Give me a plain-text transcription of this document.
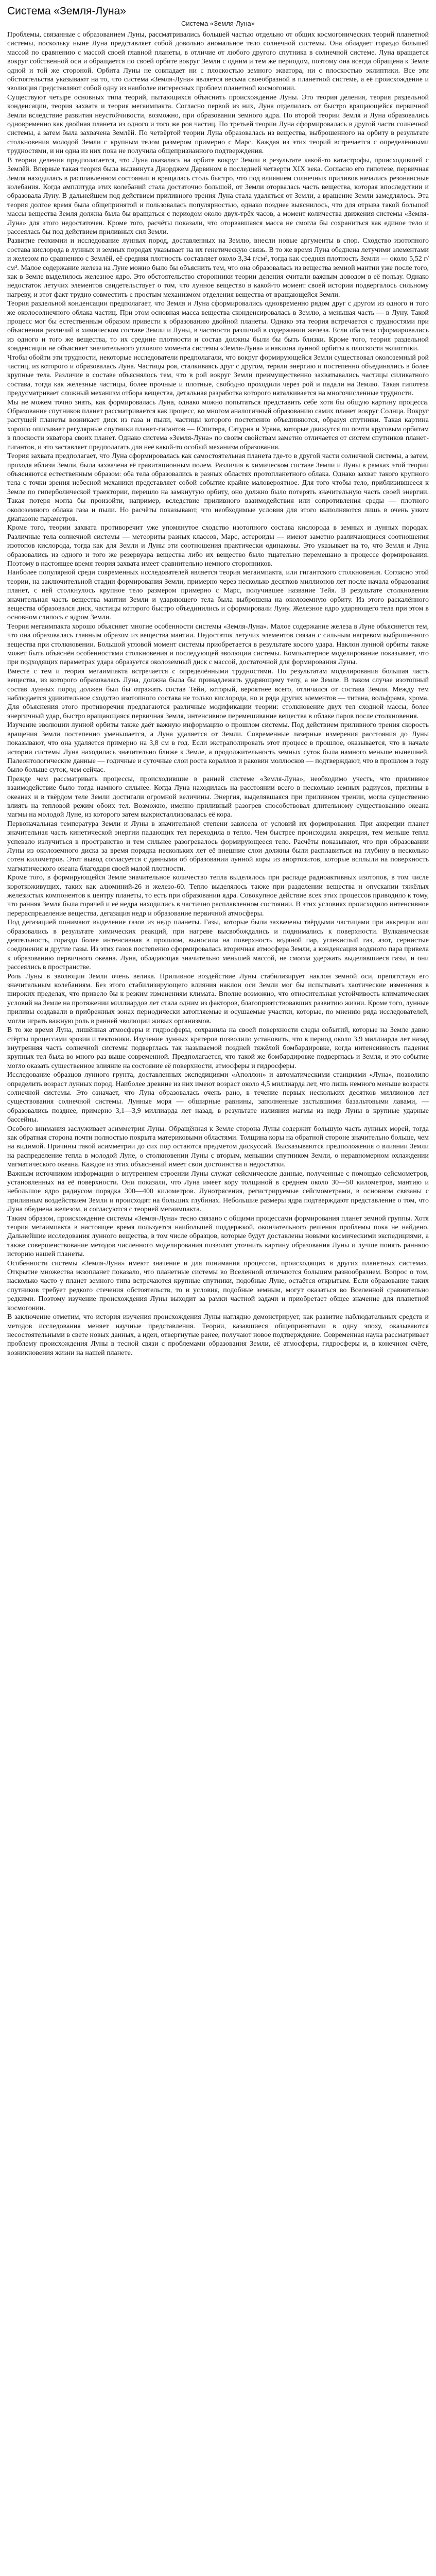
Система «Земля-Луна»
Система «Земля-Луна»

Проблемы, связанные с образованием Луны, рассматривались большей частью отдельно от общих космогонических теорий планетной системы, поскольку ныне Луна представляет собой довольно аномальное тело солнечной системы. Она обладает гораздо большей массой по сравнению с массой своей главной планеты, в отличие от любого другого спутника в солнечной системе. Луна вращается вокруг собственной оси и обращается по своей орбите вокруг Земли с одним и тем же периодом, поэтому она всегда обращена к Земле одной и той же стороной. Орбита Луны не совпадает ни с плоскостью земного экватора, ни с плоскостью эклиптики. Все эти обстоятельства указывают на то, что система «Земля-Луна» является весьма своеобразной в планетной системе, а её происхождение и эволюция представляют собой одну из наиболее интересных проблем планетной космогонии.

Существуют четыре основных типа теорий, пытающихся объяснить происхождение Луны. Это теория деления, теория раздельной конденсации, теория захвата и теория мегаимпакта. Согласно первой из них, Луна отделилась от быстро вращающейся первичной Земли вследствие развития неустойчивости, возможно, при образовании земного ядра. По второй теории Земля и Луна образовались одновременно как двойная планета из одного и того же роя частиц. По третьей теории Луна сформировалась в другой части солнечной системы, а затем была захвачена Землёй. По четвёртой теории Луна образовалась из вещества, выброшенного на орбиту в результате столкновения молодой Земли с крупным телом размером примерно с Марс. Каждая из этих теорий встречается с определёнными трудностями, и ни одна из них пока не получила общепризнанного подтверждения.

В теории деления предполагается, что Луна оказалась на орбите вокруг Земли в результате какой-то катастрофы, происходившей с Землёй. Впервые такая теория была выдвинута Джорджем Дарвином в последней четверти XIX века. Согласно его гипотезе, первичная Земля находилась в расплавленном состоянии и вращалась столь быстро, что под влиянием солнечных приливов начались резонансные колебания. Когда амплитуда этих колебаний стала достаточно большой, от Земли оторвалась часть вещества, которая впоследствии и образовала Луну. В дальнейшем под действием приливного трения Луна стала удаляться от Земли, а вращение Земли замедлялось. Эта теория долгое время была общепринятой и пользовалась популярностью, однако позднее выяснилось, что для отрыва такой большой массы вещества Земля должна была бы вращаться с периодом около двух-трёх часов, а момент количества движения системы «Земля-Луна» для этого недостаточен. Кроме того, расчёты показали, что оторвавшаяся масса не смогла бы сохраниться как единое тело и рассеялась бы под действием приливных сил Земли.

Развитие геохимии и исследование лунных пород, доставленных на Землю, внесли новые аргументы в спор. Сходство изотопного состава кислорода в лунных и земных породах указывает на их генетическую связь. В то же время Луна обеднена летучими элементами и железом по сравнению с Землёй, её средняя плотность составляет около 3,34 г/см³, тогда как средняя плотность Земли — около 5,52 г/см³. Малое содержание железа на Луне можно было бы объяснить тем, что она образовалась из вещества земной мантии уже после того, как в Земле выделилось железное ядро. Это обстоятельство сторонники теории деления считали важным доводом в её пользу. Однако недостаток летучих элементов свидетельствует о том, что лунное вещество в какой-то момент своей истории подвергалось сильному нагреву, и этот факт трудно совместить с простым механизмом отделения вещества от вращающейся Земли.

Теория раздельной конденсации предполагает, что Земля и Луна сформировались одновременно рядом друг с другом из одного и того же околосолнечного облака частиц. При этом основная масса вещества сконденсировалась в Землю, а меньшая часть — в Луну. Такой процесс мог бы естественным образом привести к образованию двойной планеты. Однако эта теория встречается с трудностями при объяснении различий в химическом составе Земли и Луны, в частности различий в содержании железа. Если оба тела сформировались из одного и того же вещества, то их средние плотности и состав должны были бы быть близки. Кроме того, теория раздельной конденсации не объясняет значительного углового момента системы «Земля-Луна» и наклона лунной орбиты к плоскости эклиптики.

Чтобы обойти эти трудности, некоторые исследователи предполагали, что вокруг формирующейся Земли существовал околоземный рой частиц, из которого и образовалась Луна. Частицы роя, сталкиваясь друг с другом, теряли энергию и постепенно объединялись в более крупные тела. Различие в составе объяснялось тем, что в рой вокруг Земли преимущественно захватывались частицы силикатного состава, тогда как железные частицы, более прочные и плотные, свободно проходили через рой и падали на Землю. Такая гипотеза предусматривает сложный механизм отбора вещества, детальная разработка которого наталкивается на многочисленные трудности.

Мы не можем точно знать, как формировалась Луна, однако можно попытаться представить себе хотя бы общую картину процесса. Образование спутников планет рассматривается как процесс, во многом аналогичный образованию самих планет вокруг Солнца. Вокруг растущей планеты возникает диск из газа и пыли, частицы которого постепенно объединяются, образуя спутники. Такая картина хорошо описывает регулярные спутники планет-гигантов — Юпитера, Сатурна и Урана, которые движутся по почти круговым орбитам в плоскости экватора своих планет. Однако система «Земля-Луна» по своим свойствам заметно отличается от систем спутников планет-гигантов, и это заставляет предполагать для неё какой-то особый механизм образования.

Теория захвата предполагает, что Луна сформировалась как самостоятельная планета где-то в другой части солнечной системы, а затем, проходя вблизи Земли, была захвачена её гравитационным полем. Различия в химическом составе Земли и Луны в рамках этой теории объясняются естественным образом: оба тела образовались в разных областях протопланетного облака. Однако захват такого крупного тела с точки зрения небесной механики представляет собой событие крайне маловероятное. Для того чтобы тело, приблизившееся к Земле по гиперболической траектории, перешло на замкнутую орбиту, оно должно было потерять значительную часть своей энергии. Такая потеря могла бы произойти, например, вследствие приливного взаимодействия или сопротивления среды — плотного околоземного облака газа и пыли. Но расчёты показывают, что необходимые условия для этого выполняются лишь в очень узком диапазоне параметров.

Кроме того, теории захвата противоречит уже упомянутое сходство изотопного состава кислорода в земных и лунных породах. Различные тела солнечной системы — метеориты разных классов, Марс, астероиды — имеют заметно различающиеся соотношения изотопов кислорода, тогда как для Земли и Луны эти соотношения практически одинаковы. Это указывает на то, что Земля и Луна образовались из одного и того же резервуара вещества либо их вещество было тщательно перемешано в процессе формирования. Поэтому в настоящее время теория захвата имеет сравнительно немного сторонников.

Наиболее популярной среди современных исследователей является теория мегаимпакта, или гигантского столкновения. Согласно этой теории, на заключительной стадии формирования Земли, примерно через несколько десятков миллионов лет после начала образования планет, с ней столкнулось крупное тело размером примерно с Марс, получившее название Тейя. В результате столкновения значительная часть вещества мантии Земли и ударяющего тела была выброшена на околоземную орбиту. Из этого раскалённого вещества образовался диск, частицы которого быстро объединились и сформировали Луну. Железное ядро ударяющего тела при этом в основном слилось с ядром Земли.

Теория мегаимпакта хорошо объясняет многие особенности системы «Земля-Луна». Малое содержание железа в Луне объясняется тем, что она образовалась главным образом из вещества мантии. Недостаток летучих элементов связан с сильным нагревом выброшенного вещества при столкновении. Большой угловой момент системы приобретается в результате косого удара. Наклон лунной орбиты также может быть объяснён особенностями столкновения и последующей эволюции системы. Компьютерное моделирование показывает, что при подходящих параметрах удара образуется околоземный диск с массой, достаточной для формирования Луны.

Вместе с тем и теория мегаимпакта встречается с определёнными трудностями. По результатам моделирования большая часть вещества, из которого образовалась Луна, должна была бы принадлежать ударяющему телу, а не Земле. В таком случае изотопный состав лунных пород должен был бы отражать состав Тейи, который, вероятнее всего, отличался от состава Земли. Между тем наблюдается удивительное сходство изотопного состава не только кислорода, но и ряда других элементов — титана, вольфрама, хрома. Для объяснения этого противоречия предлагаются различные модификации теории: столкновение двух тел сходной массы, более энергичный удар, быстро вращающаяся первичная Земля, интенсивное перемешивание вещества в облаке паров после столкновения.

Изучение эволюции лунной орбиты также даёт важную информацию о прошлом системы. Под действием приливного трения скорость вращения Земли постепенно уменьшается, а Луна удаляется от Земли. Современные лазерные измерения расстояния до Луны показывают, что она удаляется примерно на 3,8 см в год. Если экстраполировать этот процесс в прошлое, оказывается, что в начале истории системы Луна находилась значительно ближе к Земле, а продолжительность земных суток была намного меньше нынешней. Палеонтологические данные — годичные и суточные слои роста кораллов и раковин моллюсков — подтверждают, что в прошлом в году было больше суток, чем сейчас.

Прежде чем рассматривать процессы, происходившие в ранней системе «Земля-Луна», необходимо учесть, что приливное взаимодействие было тогда намного сильнее. Когда Луна находилась на расстоянии всего в несколько земных радиусов, приливы в океанах и в твёрдом теле Земли достигали огромной величины. Энергия, выделявшаяся при приливном трении, могла существенно влиять на тепловой режим обоих тел. Возможно, именно приливный разогрев способствовал длительному существованию океана магмы на молодой Луне, из которого затем выкристаллизовалась её кора.

Первоначальная температура Земли и Луны в значительной степени зависела от условий их формирования. При аккреции планет значительная часть кинетической энергии падающих тел переходила в тепло. Чем быстрее происходила аккреция, тем меньше тепла успевало излучиться в пространство и тем сильнее разогревалось формирующееся тело. Расчёты показывают, что при образовании Луны из околоземного диска за время порядка нескольких лет её внешние слои должны были расплавиться на глубину в несколько сотен километров. Этот вывод согласуется с данными об образовании лунной коры из анортозитов, которые всплыли на поверхность магматического океана благодаря своей малой плотности.

Кроме того, в формирующейся Земле значительное количество тепла выделялось при распаде радиоактивных изотопов, в том числе короткоживущих, таких как алюминий-26 и железо-60. Тепло выделялось также при разделении вещества и опускании тяжёлых железистых компонентов к центру планеты, то есть при образовании ядра. Совокупное действие всех этих процессов приводило к тому, что ранняя Земля была горячей и её недра находились в частично расплавленном состоянии. В этих условиях происходило интенсивное перераспределение вещества, дегазация недр и образование первичной атмосферы.

Под дегазацией понимают выделение газов из недр планеты. Газы, которые были захвачены твёрдыми частицами при аккреции или образовались в результате химических реакций, при нагреве высвобождались и поднимались к поверхности. Вулканическая деятельность, гораздо более интенсивная в прошлом, выносила на поверхность водяной пар, углекислый газ, азот, сернистые соединения и другие газы. Из этих газов постепенно сформировалась вторичная атмосфера Земли, а конденсация водяного пара привела к образованию первичного океана. Луна, обладающая значительно меньшей массой, не смогла удержать выделявшиеся газы, и они рассеялись в пространстве.

Роль Луны в эволюции Земли очень велика. Приливное воздействие Луны стабилизирует наклон земной оси, препятствуя его значительным колебаниям. Без этого стабилизирующего влияния наклон оси Земли мог бы испытывать хаотические изменения в широких пределах, что привело бы к резким изменениям климата. Вполне возможно, что относительная устойчивость климатических условий на Земле на протяжении миллиардов лет стала одним из факторов, благоприятствовавших развитию жизни. Кроме того, лунные приливы создавали в прибрежных зонах периодически затопляемые и осушаемые участки, которые, по мнению ряда исследователей, могли играть важную роль в ранней эволюции живых организмов.

В то же время Луна, лишённая атмосферы и гидросферы, сохранила на своей поверхности следы событий, которые на Земле давно стёрты процессами эрозии и тектоники. Изучение лунных кратеров позволило установить, что в период около 3,9 миллиарда лет назад внутренняя часть солнечной системы подверглась так называемой поздней тяжёлой бомбардировке, когда интенсивность падения крупных тел была во много раз выше современной. Предполагается, что такой же бомбардировке подверглась и Земля, и это событие могло оказать существенное влияние на состояние её поверхности, атмосферы и гидросферы.

Исследование образцов лунного грунта, доставленных экспедициями «Аполлон» и автоматическими станциями «Луна», позволило определить возраст лунных пород. Наиболее древние из них имеют возраст около 4,5 миллиарда лет, что лишь немного меньше возраста солнечной системы. Это означает, что Луна образовалась очень рано, в течение первых нескольких десятков миллионов лет существования солнечной системы. Лунные моря — обширные равнины, заполненные застывшими базальтовыми лавами, — образовались позднее, примерно 3,1—3,9 миллиарда лет назад, в результате излияния магмы из недр Луны в крупные ударные бассейны.

Особого внимания заслуживает асимметрия Луны. Обращённая к Земле сторона Луны содержит большую часть лунных морей, тогда как обратная сторона почти полностью покрыта материковыми областями. Толщина коры на обратной стороне значительно больше, чем на видимой. Причины такой асимметрии до сих пор остаются предметом дискуссий. Высказываются предположения о влиянии Земли на распределение тепла в молодой Луне, о столкновении Луны с вторым, меньшим спутником Земли, о неравномерном охлаждении магматического океана. Каждое из этих объяснений имеет свои достоинства и недостатки.

Важным источником информации о внутреннем строении Луны служат сейсмические данные, полученные с помощью сейсмометров, установленных на её поверхности. Они показали, что Луна имеет кору толщиной в среднем около 30—50 километров, мантию и небольшое ядро радиусом порядка 300—400 километров. Лунотрясения, регистрируемые сейсмометрами, в основном связаны с приливным воздействием Земли и происходят на больших глубинах. Небольшие размеры ядра подтверждают представление о том, что Луна обеднена железом, и согласуются с теорией мегаимпакта.

Таким образом, происхождение системы «Земля-Луна» тесно связано с общими процессами формирования планет земной группы. Хотя теория мегаимпакта в настоящее время пользуется наибольшей поддержкой, окончательного решения проблемы пока не найдено. Дальнейшие исследования лунного вещества, в том числе образцов, которые будут доставлены новыми космическими экспедициями, а также совершенствование методов численного моделирования позволят уточнить картину образования Луны и лучше понять раннюю историю нашей планеты.

Особенности системы «Земля-Луна» имеют значение и для понимания процессов, происходящих в других планетных системах. Открытие множества экзопланет показало, что планетные системы во Вселенной отличаются большим разнообразием. Вопрос о том, насколько часто у планет земного типа встречаются крупные спутники, подобные Луне, остаётся открытым. Если образование таких спутников требует редкого стечения обстоятельств, то и условия, подобные земным, могут оказаться во Вселенной сравнительно редкими. Поэтому изучение происхождения Луны выходит за рамки частной задачи и приобретает общее значение для планетной космогонии.

В заключение отметим, что история изучения происхождения Луны наглядно демонстрирует, как развитие наблюдательных средств и методов исследования меняет научные представления. Теории, казавшиеся общепринятыми в одну эпоху, оказываются несостоятельными в свете новых данных, а идеи, отвергнутые ранее, получают новое подтверждение. Современная наука рассматривает проблему происхождения Луны в тесной связи с проблемами образования Земли, её атмосферы, гидросферы и, в конечном счёте, возникновения жизни на нашей планете.
